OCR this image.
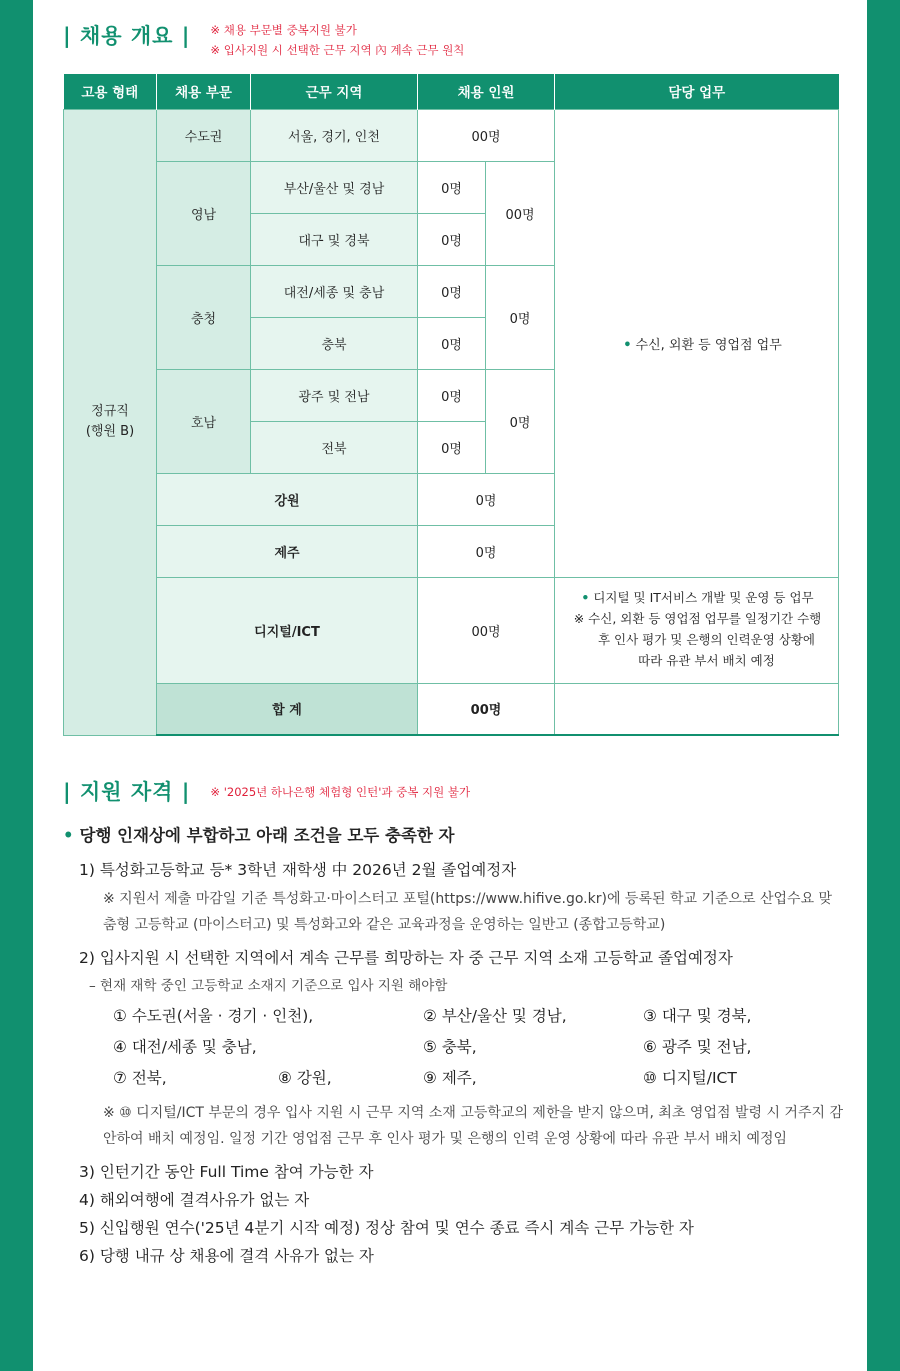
| 채용 개요 | ※ 채용 부문별 중복지원 불가
※ 입사지원 시 선택한 근무 지역 內 계속 근무 원칙
고용 형태	채용 부문	근무 지역	채용 인원		담당 업무
정규직
(행원 B)	수도권	서울, 경기, 인천	00명		• 수신, 외환 등 영업점 업무
	영남	부산/울산 및 경남	0명	00명	
		대구 및 경북	0명		
	충청	대전/세종 및 충남	0명	0명	
		충북	0명		
	호남	광주 및 전남	0명	0명	
		전북	0명		
	강원		0명		
	제주		0명		
	디지털/ICT		00명		• 디지털 및 IT서비스 개발 및 운영 등 업무
※ 수신, 외환 등 영업점 업무를 일정기간 수행

후 인사 평가 및 은행의 인력운영 상황에
따라 유관 부서 배치 예정

	합 계		00명		
| 지원 자격 | ※ '2025년 하나은행 체험형 인턴'과 중복 지원 불가
• 당행 인재상에 부합하고 아래 조건을 모두 충족한 자
1) 특성화고등학교 등* 3학년 재학생 中 2026년 2월 졸업예정자
※ 지원서 제출 마감일 기준 특성화고·마이스터고 포털(https://www.hifive.go.kr)에 등록된 학교 기준으로 산업수요 맞춤형 고등학교 (마이스터고) 및 특성화고와 같은 교육과정을 운영하는 일반고 (종합고등학교)
2) 입사지원 시 선택한 지역에서 계속 근무를 희망하는 자 중 근무 지역 소재 고등학교 졸업예정자
– 현재 재학 중인 고등학교 소재지 기준으로 입사 지원 해야함
① 수도권(서울 · 경기 · 인천),	② 부산/울산 및 경남,	③ 대구 및 경북,
④ 대전/세종 및 충남,	⑤ 충북,	⑥ 광주 및 전남,
⑦ 전북,	⑧ 강원,	⑨ 제주,	⑩ 디지털/ICT
※ ⑩ 디지털/ICT 부문의 경우 입사 지원 시 근무 지역 소재 고등학교의 제한을 받지 않으며, 최초 영업점 발령 시 거주지 감안하여 배치 예정임. 일정 기간 영업점 근무 후 인사 평가 및 은행의 인력 운영 상황에 따라 유관 부서 배치 예정임
3) 인턴기간 동안 Full Time 참여 가능한 자
4) 해외여행에 결격사유가 없는 자
5) 신입행원 연수('25년 4분기 시작 예정) 정상 참여 및 연수 종료 즉시 계속 근무 가능한 자
6) 당행 내규 상 채용에 결격 사유가 없는 자
